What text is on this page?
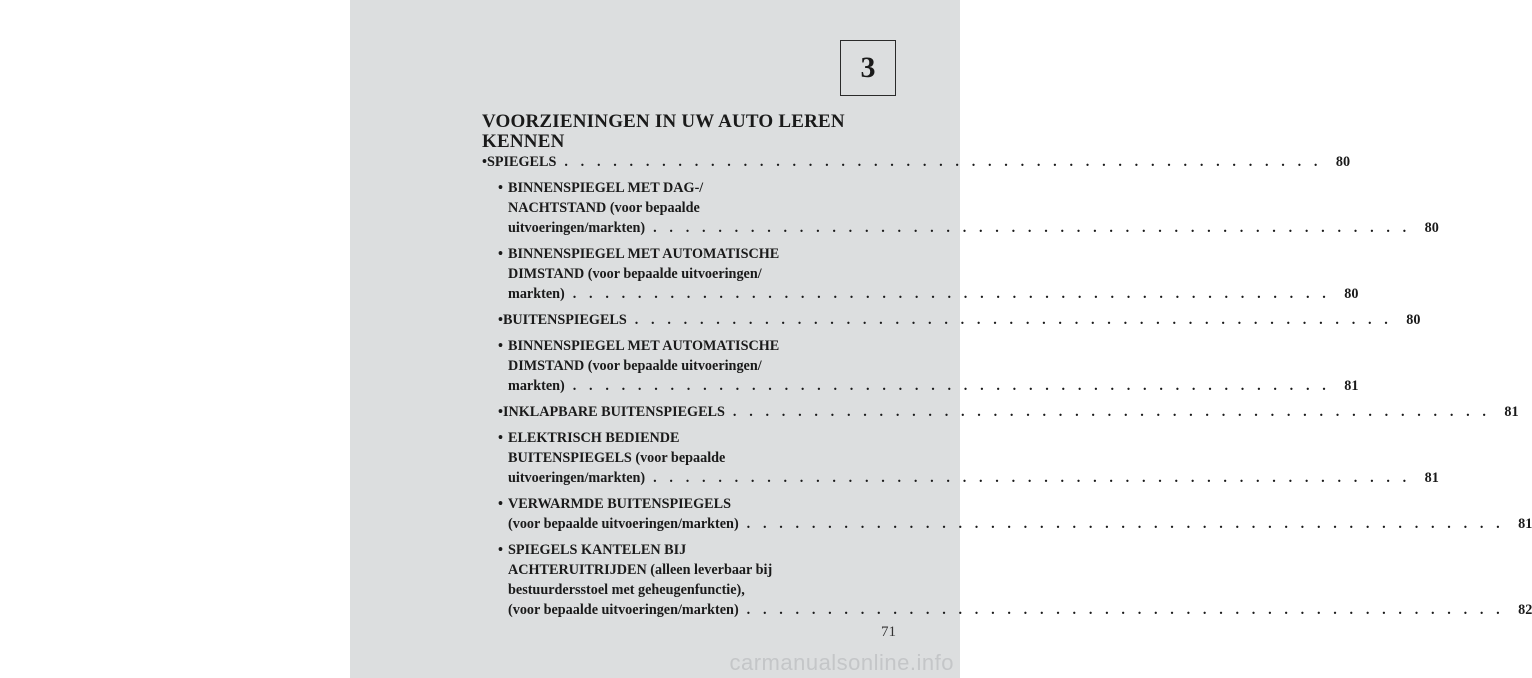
3
VOORZIENINGEN IN UW AUTO LEREN KENNEN
• SPIEGELS . . . . . . . . . . . . . . . . . . . . . . . . . . . . . . . . . . . . . . . . . . . . . . . 80
• BINNENSPIEGEL MET DAG-/
NACHTSTAND (voor bepaalde
uitvoeringen/markten) . . . . . . . . . . . . . . . . . . . . . . . . . . . . . . . . . . . . . . . . . . . . . . . 80
• BINNENSPIEGEL MET AUTOMATISCHE
DIMSTAND (voor bepaalde uitvoeringen/
markten) . . . . . . . . . . . . . . . . . . . . . . . . . . . . . . . . . . . . . . . . . . . . . . . 80
• BUITENSPIEGELS . . . . . . . . . . . . . . . . . . . . . . . . . . . . . . . . . . . . . . . . . . . . . . . 80
• BINNENSPIEGEL MET AUTOMATISCHE
DIMSTAND (voor bepaalde uitvoeringen/
markten) . . . . . . . . . . . . . . . . . . . . . . . . . . . . . . . . . . . . . . . . . . . . . . . 81
• INKLAPBARE BUITENSPIEGELS . . . . . . . . . . . . . . . . . . . . . . . . . . . . . . . . . . . . . . . . . . . . . . . 81
• ELEKTRISCH BEDIENDE
BUITENSPIEGELS (voor bepaalde
uitvoeringen/markten) . . . . . . . . . . . . . . . . . . . . . . . . . . . . . . . . . . . . . . . . . . . . . . . 81
• VERWARMDE BUITENSPIEGELS
(voor bepaalde uitvoeringen/markten) . . . . . . . . . . . . . . . . . . . . . . . . . . . . . . . . . . . . . . . . . . . . . . . 81
• SPIEGELS KANTELEN BIJ
ACHTERUITRIJDEN (alleen leverbaar bij
bestuurdersstoel met geheugenfunctie),
(voor bepaalde uitvoeringen/markten) . . . . . . . . . . . . . . . . . . . . . . . . . . . . . . . . . . . . . . . . . . . . . . . 82
71
carmanualsonline.info
